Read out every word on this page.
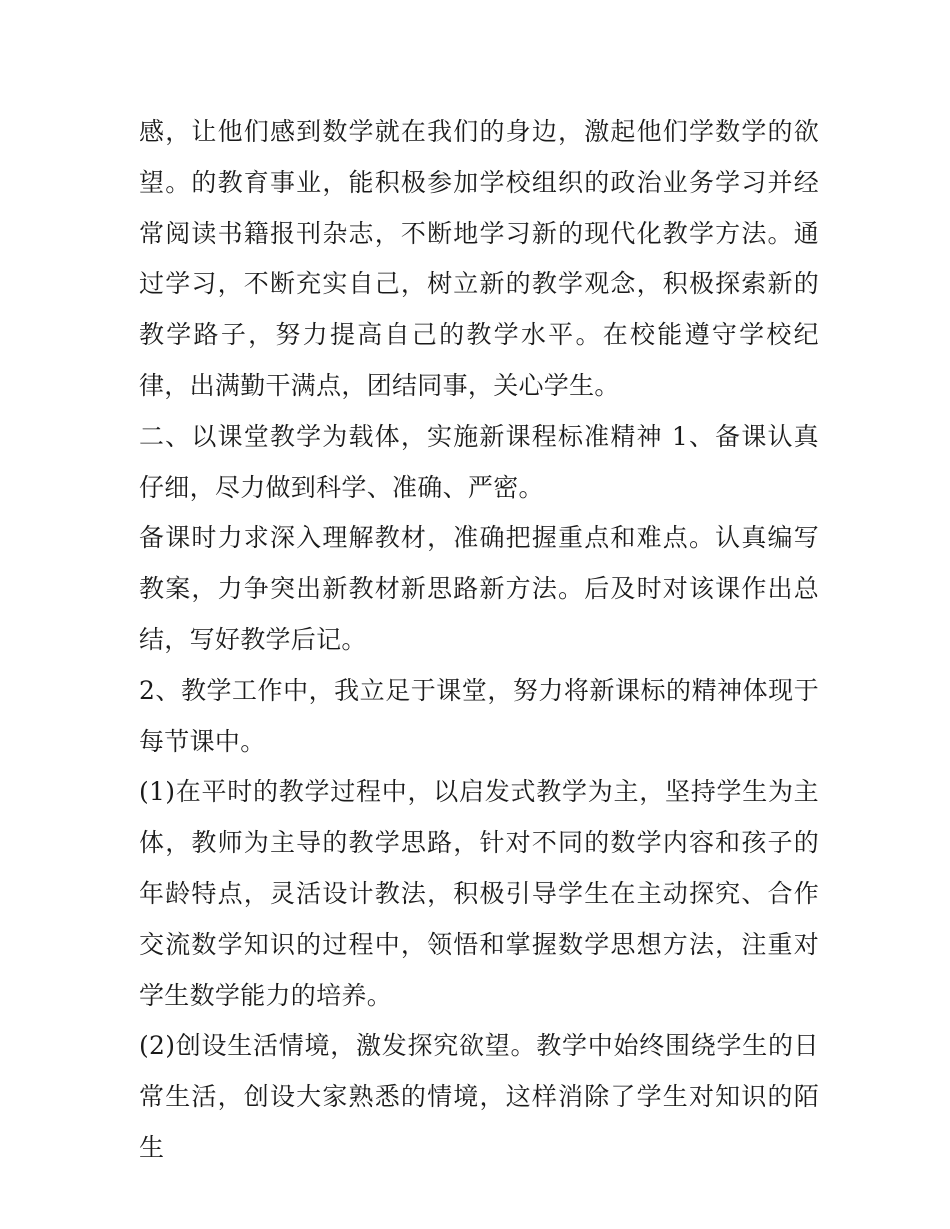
感，让他们感到数学就在我们的身边，激起他们学数学的欲望。的教育事业，能积极参加学校组织的政治业务学习并经常阅读书籍报刊杂志，不断地学习新的现代化教学方法。通过学习，不断充实自己，树立新的教学观念，积极探索新的教学路子，努力提高自己的教学水平。在校能遵守学校纪律，出满勤干满点，团结同事，关心学生。

二、以课堂教学为载体，实施新课程标准精神 1、备课认真仔细，尽力做到科学、准确、严密。

备课时力求深入理解教材，准确把握重点和难点。认真编写教案，力争突出新教材新思路新方法。后及时对该课作出总结，写好教学后记。

2、教学工作中，我立足于课堂，努力将新课标的精神体现于每节课中。

(1)在平时的教学过程中，以启发式教学为主，坚持学生为主体，教师为主导的教学思路，针对不同的数学内容和孩子的年龄特点，灵活设计教法，积极引导学生在主动探究、合作交流数学知识的过程中，领悟和掌握数学思想方法，注重对学生数学能力的培养。

(2)创设生活情境，激发探究欲望。教学中始终围绕学生的日常生活，创设大家熟悉的情境，这样消除了学生对知识的陌生
